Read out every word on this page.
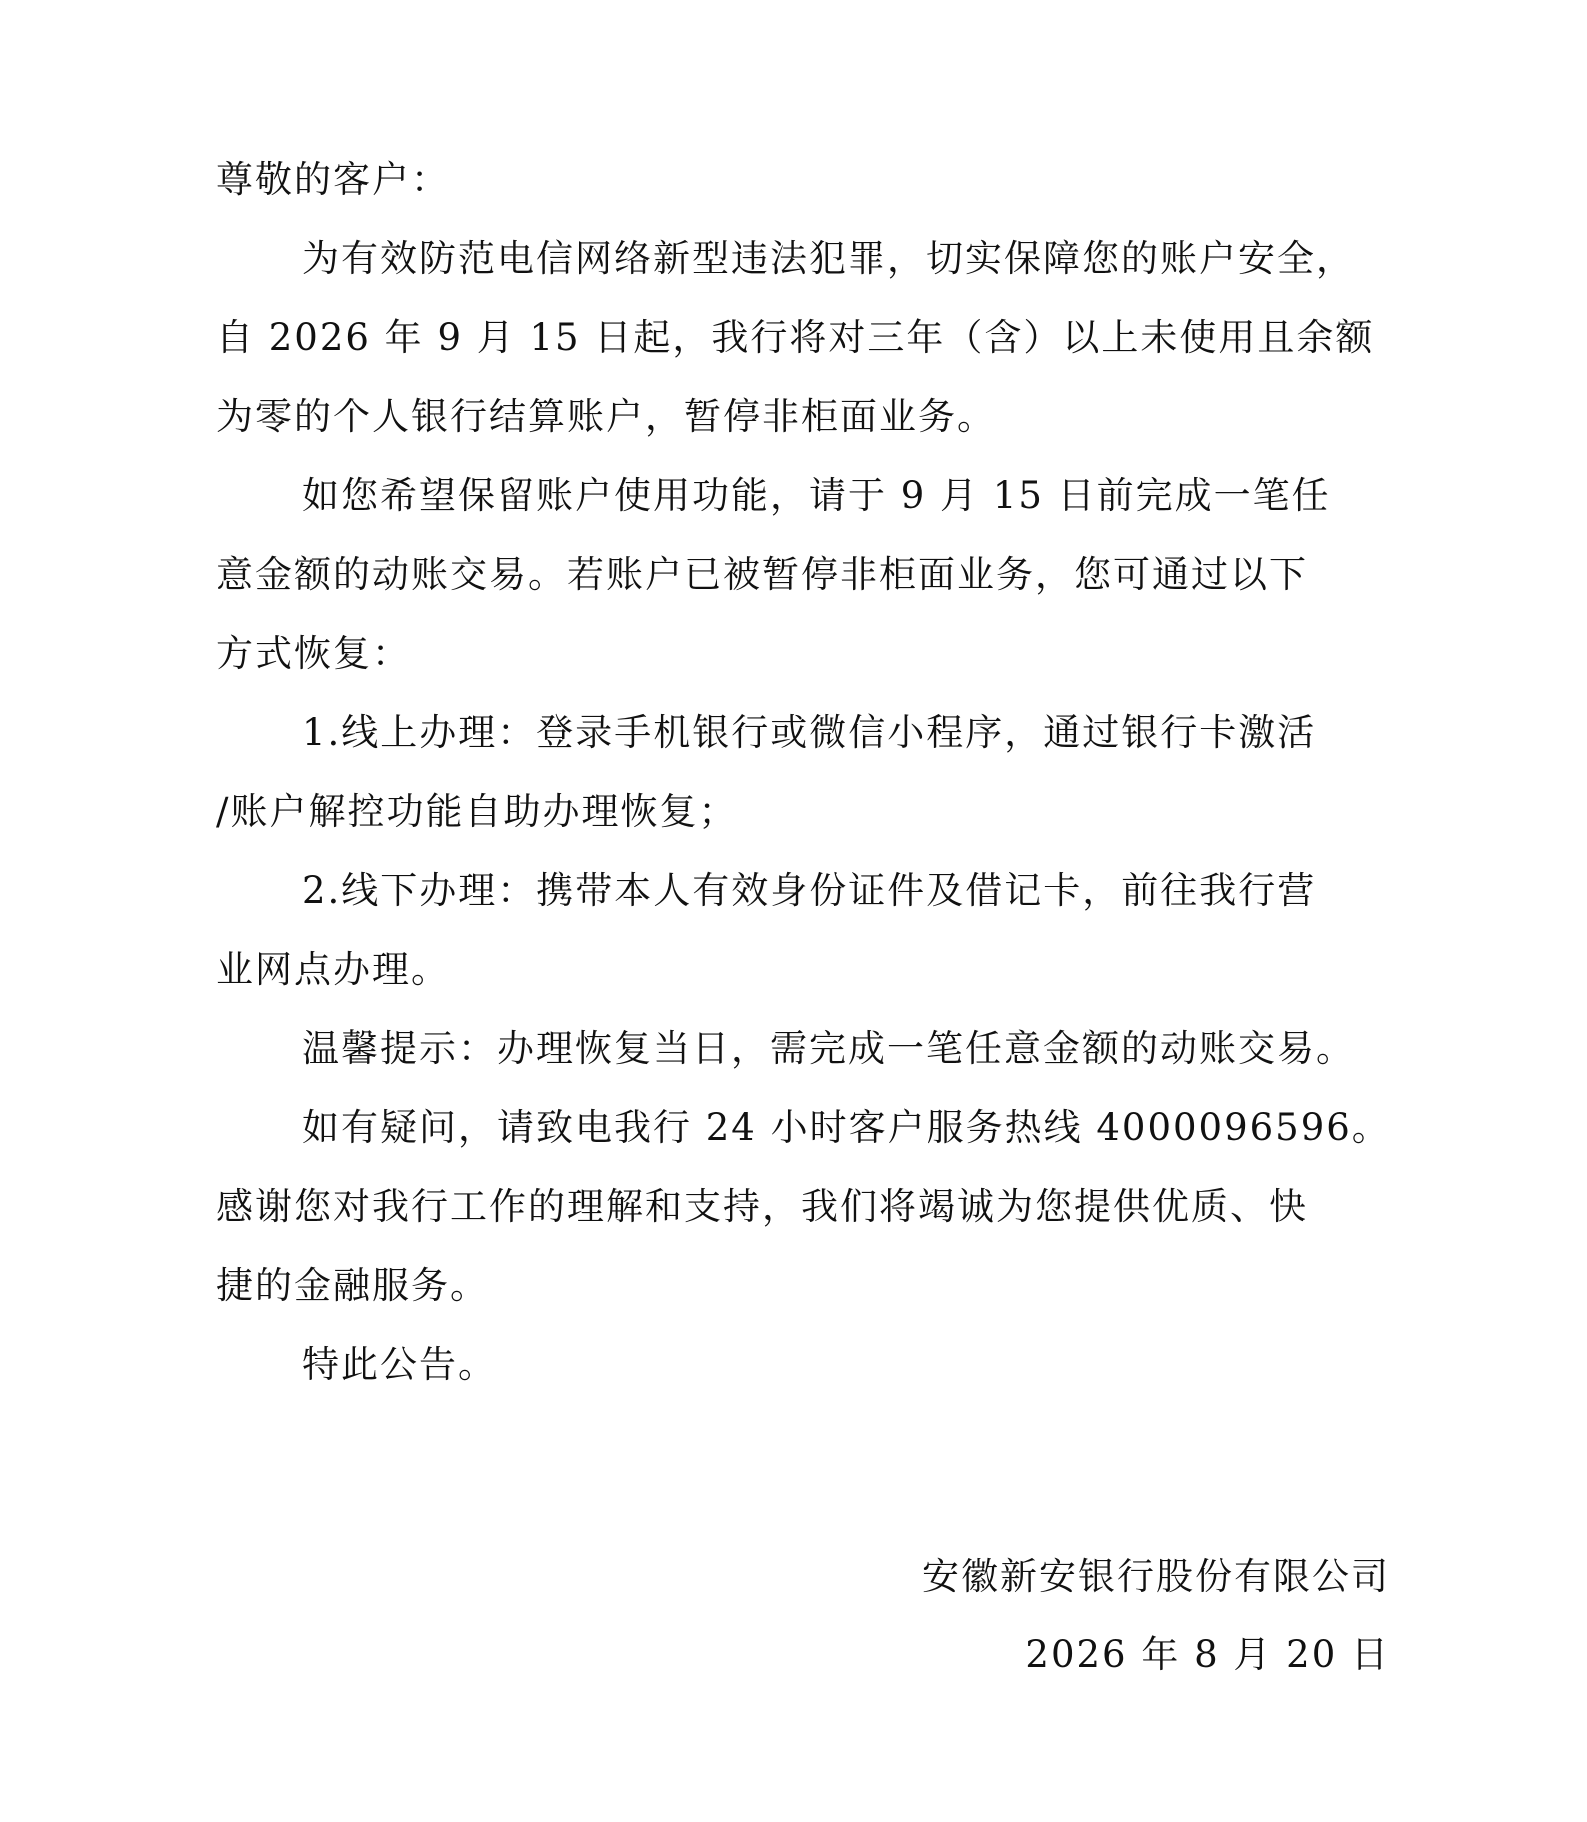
尊敬的客户：
为有效防范电信网络新型违法犯罪，切实保障您的账户安全，
自 2026 年 9 月 15 日起，我行将对三年（含）以上未使用且余额
为零的个人银行结算账户，暂停非柜面业务。
如您希望保留账户使用功能，请于 9 月 15 日前完成一笔任
意金额的动账交易。若账户已被暂停非柜面业务，您可通过以下
方式恢复：
1.线上办理：登录手机银行或微信小程序，通过银行卡激活
/账户解控功能自助办理恢复；
2.线下办理：携带本人有效身份证件及借记卡，前往我行营
业网点办理。
温馨提示：办理恢复当日，需完成一笔任意金额的动账交易。
如有疑问，请致电我行 24 小时客户服务热线 4000096596。
感谢您对我行工作的理解和支持，我们将竭诚为您提供优质、快
捷的金融服务。
特此公告。
安徽新安银行股份有限公司
2026 年 8 月 20 日
